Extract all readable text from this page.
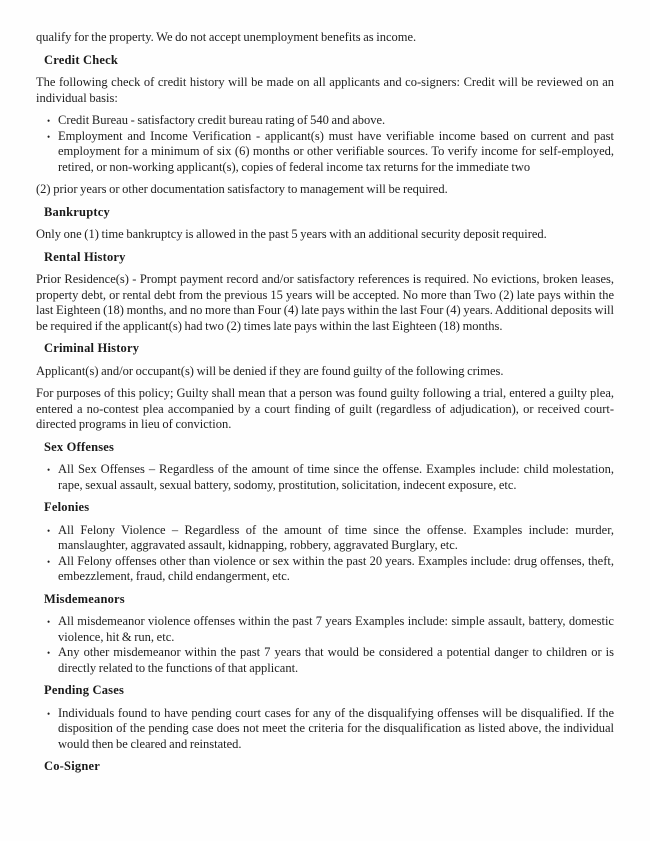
qualify for the property. We do not accept unemployment benefits as income.

Credit Check

The following check of credit history will be made on all applicants and co-signers: Credit will be reviewed on an individual basis:

• Credit Bureau - satisfactory credit bureau rating of 540 and above.
• Employment and Income Verification - applicant(s) must have verifiable income based on current and past employment for a minimum of six (6) months or other verifiable sources. To verify income for self-employed, retired, or non-working applicant(s), copies of federal income tax returns for the immediate two

(2) prior years or other documentation satisfactory to management will be required.

Bankruptcy

Only one (1) time bankruptcy is allowed in the past 5 years with an additional security deposit required.

Rental History

Prior Residence(s) - Prompt payment record and/or satisfactory references is required. No evictions, broken leases, property debt, or rental debt from the previous 15 years will be accepted. No more than Two (2) late pays within the last Eighteen (18) months, and no more than Four (4) late pays within the last Four (4) years. Additional deposits will be required if the applicant(s) had two (2) times late pays within the last Eighteen (18) months.

Criminal History

Applicant(s) and/or occupant(s) will be denied if they are found guilty of the following crimes.

For purposes of this policy; Guilty shall mean that a person was found guilty following a trial, entered a guilty plea, entered a no-contest plea accompanied by a court finding of guilt (regardless of adjudication), or received court-directed programs in lieu of conviction.

Sex Offenses
• All Sex Offenses – Regardless of the amount of time since the offense. Examples include: child molestation, rape, sexual assault, sexual battery, sodomy, prostitution, solicitation, indecent exposure, etc.
Felonies
• All Felony Violence – Regardless of the amount of time since the offense. Examples include: murder, manslaughter, aggravated assault, kidnapping, robbery, aggravated Burglary, etc.
• All Felony offenses other than violence or sex within the past 20 years. Examples include: drug offenses, theft, embezzlement, fraud, child endangerment, etc.
Misdemeanors
• All misdemeanor violence offenses within the past 7 years Examples include: simple assault, battery, domestic violence, hit & run, etc.
• Any other misdemeanor within the past 7 years that would be considered a potential danger to children or is directly related to the functions of that applicant.
Pending Cases
• Individuals found to have pending court cases for any of the disqualifying offenses will be disqualified. If the disposition of the pending case does not meet the criteria for the disqualification as listed above, the individual would then be cleared and reinstated.
Co-Signer
